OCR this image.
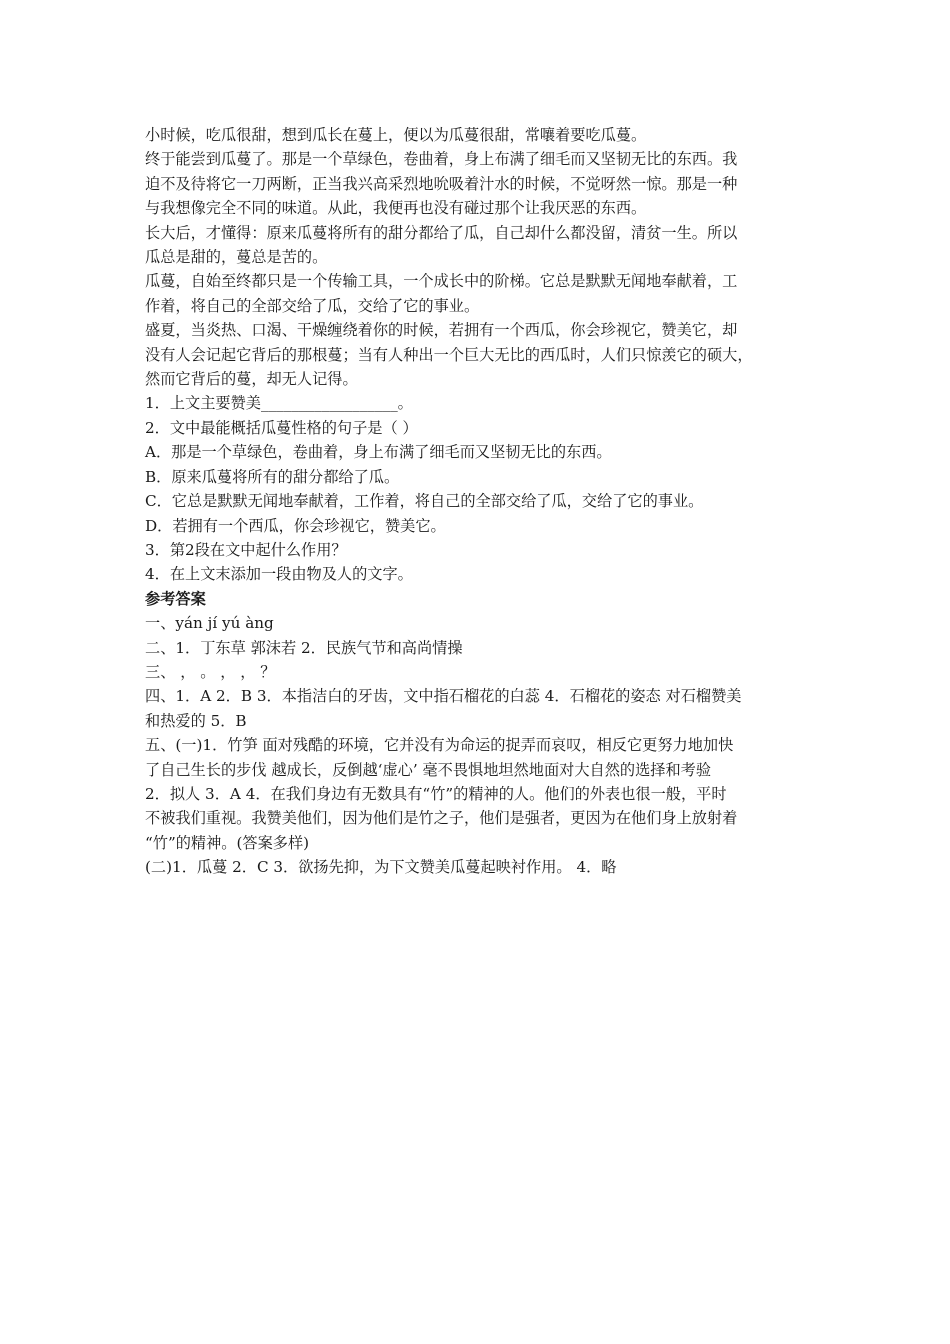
小时候，吃瓜很甜，想到瓜长在蔓上，便以为瓜蔓很甜，常嚷着要吃瓜蔓。
终于能尝到瓜蔓了。那是一个草绿色，卷曲着，身上布满了细毛而又坚韧无比的东西。我
迫不及待将它一刀两断，正当我兴高采烈地吮吸着汁水的时候，不觉呀然一惊。那是一种
与我想像完全不同的味道。从此，我便再也没有碰过那个让我厌恶的东西。
长大后，才懂得：原来瓜蔓将所有的甜分都给了瓜，自己却什么都没留，清贫一生。所以
瓜总是甜的，蔓总是苦的。
瓜蔓，自始至终都只是一个传输工具，一个成长中的阶梯。它总是默默无闻地奉献着，工
作着，将自己的全部交给了瓜，交给了它的事业。
盛夏，当炎热、口渴、干燥缠绕着你的时候，若拥有一个西瓜，你会珍视它，赞美它，却
没有人会记起它背后的那根蔓；当有人种出一个巨大无比的西瓜时，人们只惊羡它的硕大，
然而它背后的蔓，却无人记得。
1．上文主要赞美__________________。
2．文中最能概括瓜蔓性格的句子是（ ）
A．那是一个草绿色，卷曲着，身上布满了细毛而又坚韧无比的东西。
B．原来瓜蔓将所有的甜分都给了瓜。
C．它总是默默无闻地奉献着，工作着，将自己的全部交给了瓜，交给了它的事业。
D．若拥有一个西瓜，你会珍视它，赞美它。
3．第2段在文中起什么作用？
4．在上文末添加一段由物及人的文字。
参考答案
一、yán jí yú àng
二、1．丁东草 郭沫若 2．民族气节和高尚情操
三、 ， 。 ， ， ？
四、1．A 2．B 3．本指洁白的牙齿，文中指石榴花的白蕊 4．石榴花的姿态 对石榴赞美
和热爱的 5．B
五、(一)1．竹笋 面对残酷的环境，它并没有为命运的捉弄而哀叹，相反它更努力地加快
了自己生长的步伐 越成长，反倒越‘虚心’ 毫不畏惧地坦然地面对大自然的选择和考验
2．拟人 3．A 4．在我们身边有无数具有“竹”的精神的人。他们的外表也很一般，平时
不被我们重视。我赞美他们，因为他们是竹之子，他们是强者，更因为在他们身上放射着
“竹”的精神。(答案多样)
(二)1．瓜蔓 2．C 3．欲扬先抑，为下文赞美瓜蔓起映衬作用。 4．略
